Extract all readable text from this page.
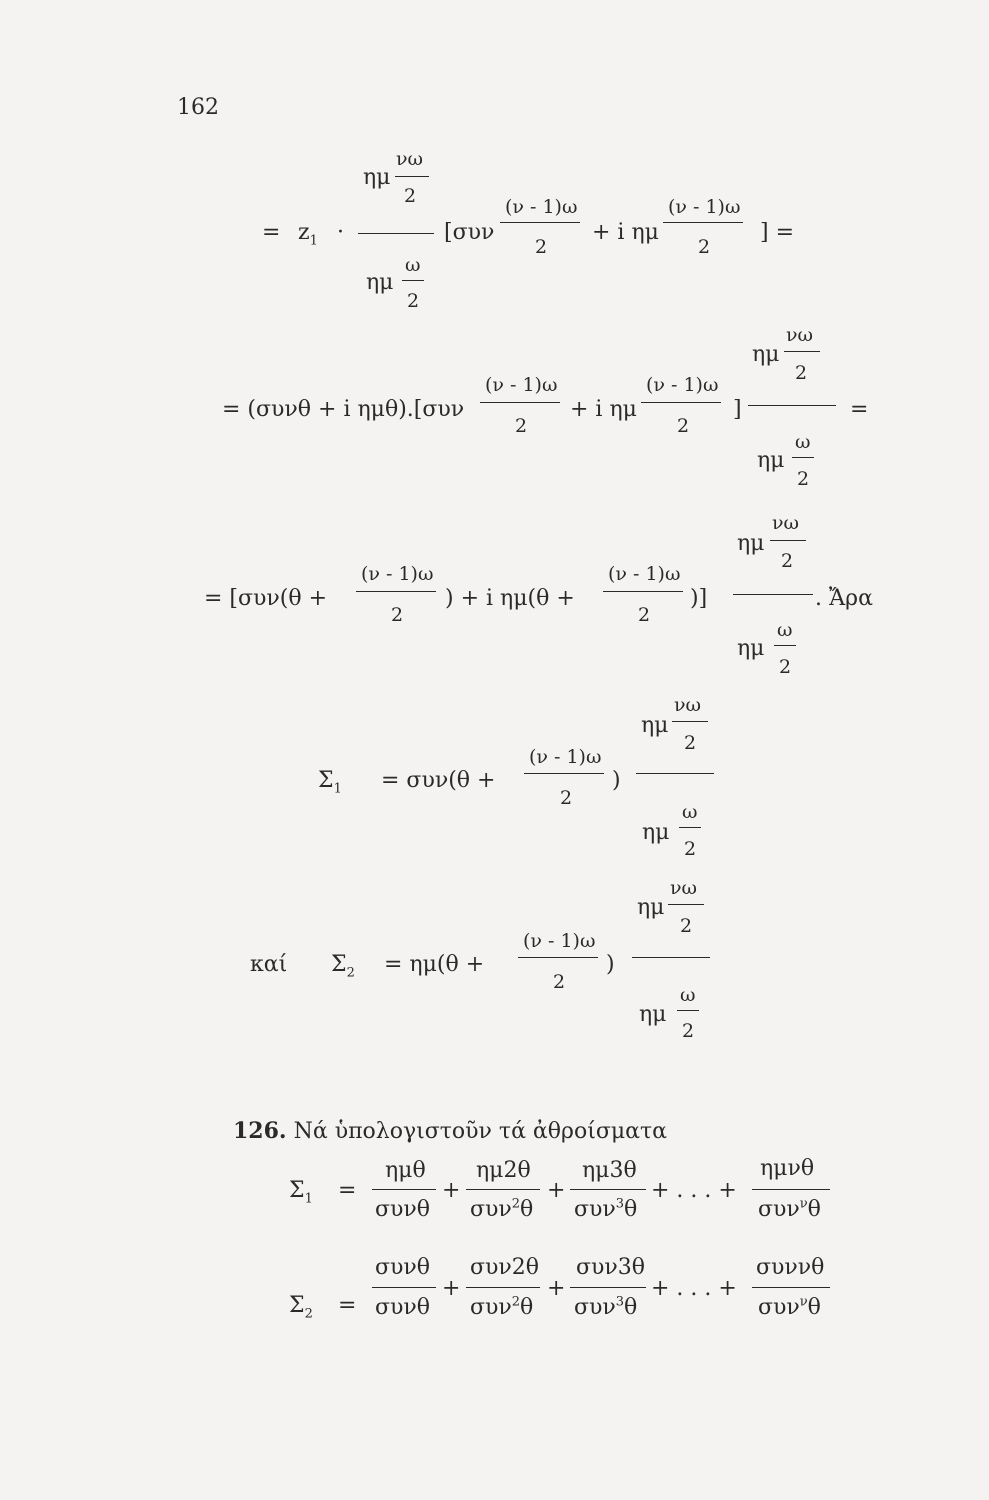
162
= $z_1$ ·
ημ
νω
2
ημ
ω
2
[συν
(ν - 1)ω
2
+ i ημ
(ν - 1)ω
2
] =
= (συνθ + i ημθ).[συν
(ν - 1)ω
2
+ i ημ
(ν - 1)ω
2
]
ημ
νω
2
ημ
ω
2
=
= [συν(θ +
(ν - 1)ω
2
) + i ημ(θ +
(ν - 1)ω
2
)]
ημ
νω
2
ημ
ω
2
. Ἄρα
$\Sigma_1 = \sigma\upsilon\nu(\theta$ +
(ν - 1)ω
2
)
ημ
νω
2
ημ
ω
2
καί $\Sigma_2 = \eta\mu(\theta$ +
(ν - 1)ω
2
)
ημ
νω
2
ημ
ω
2
126. Νά ὑπολογιστοῦν τά ἀθροίσματα
$\Sigma_1$ =
ημθ
συνθ
+
ημ2θ
συν$^2$θ
+
ημ3θ
συν$^3$θ
+ . . . +
ημνθ
συν$^\nu$θ
$\Sigma_2$ =
συνθ
συνθ
+
συν2θ
συν$^2$θ
+
συν3θ
συν$^3$θ
+ . . . +
συννθ
συν$^\nu$θ
